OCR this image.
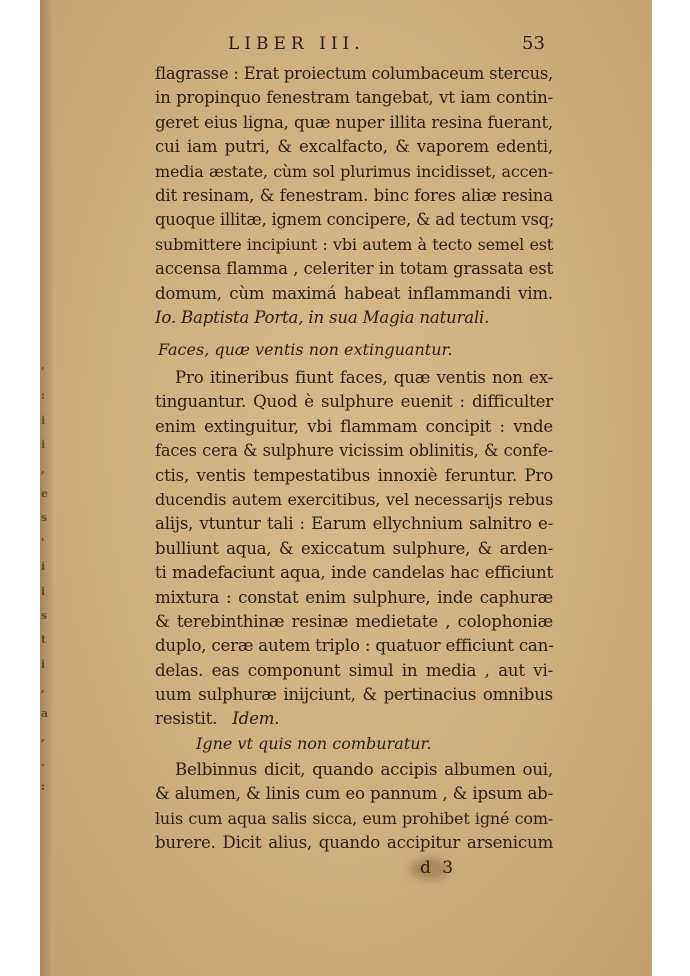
'
:
i
i
,
e
s
'
i
i
s
t
i
,
a
,
.
:
LIBER III.	53
flagrasse : Erat proiectum columbaceum stercus,
in propinquo fenestram tangebat, vt iam contin-
geret eius ligna, quæ nuper illita resina fuerant,
cui iam putri, & excalfacto, & vaporem edenti,
media æstate, cùm sol plurimus incidisset, accen-
dit resinam, & fenestram. binc fores aliæ resina
quoque illitæ, ignem concipere, & ad tectum vsq;
submittere incipiunt : vbi autem à tecto semel est
accensa flamma , celeriter in totam grassata est
domum, cùm maximá habeat inflammandi vim.
Io. Baptista Porta, in sua Magia naturali.
Faces, quæ ventis non extinguantur.
Pro itineribus fiunt faces, quæ ventis non ex-
tinguantur. Quod è sulphure euenit : difficulter
enim extinguitur, vbi flammam concipit : vnde
faces cera & sulphure vicissim oblinitis, & confe-
ctis, ventis tempestatibus innoxiè feruntur. Pro
ducendis autem exercitibus, vel necessarijs rebus
alijs, vtuntur tali : Earum ellychnium salnitro e-
bulliunt aqua, & exiccatum sulphure, & arden-
ti madefaciunt aqua, inde candelas hac efficiunt
mixtura : constat enim sulphure, inde caphuræ
& terebinthinæ resinæ medietate , colophoniæ
duplo, ceræ autem triplo : quatuor efficiunt can-
delas. eas componunt simul in media , aut vi-
uum sulphuræ inijciunt, & pertinacius omnibus
resistit. Idem.
Igne vt quis non comburatur.
Belbinnus dicit, quando accipis albumen oui,
& alumen, & linis cum eo pannum , & ipsum ab-
luis cum aqua salis sicca, eum prohibet igné com-
burere. Dicit alius, quando accipitur arsenicum
d 3
